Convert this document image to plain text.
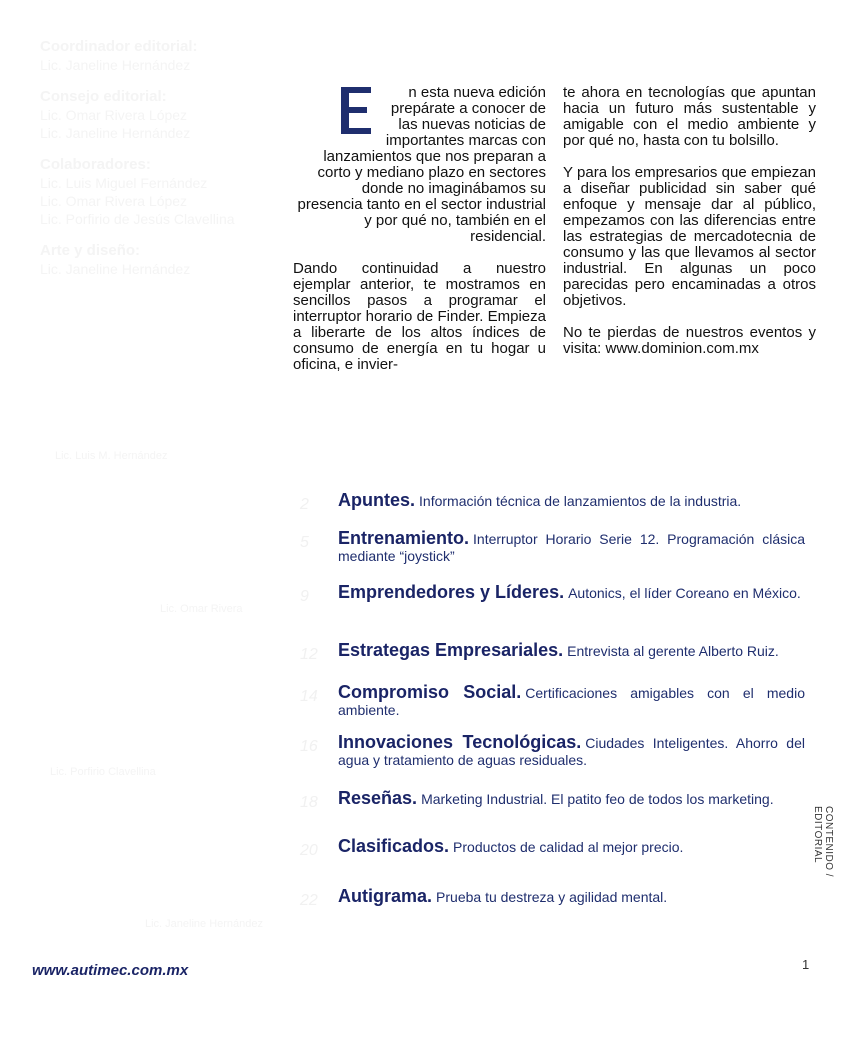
Coordinador editorial:
Lic. Janeline Hernández
Consejo editorial:
Lic. Omar Rivera López
Lic. Janeline Hernández
Colaboradores:
Lic. Luis Miguel Fernández
Lic. Omar Rivera López
Lic. Porfirio de Jesús Clavellina
Arte y diseño:
Lic. Janeline Hernández
Lic. Luis M. Hernández
Lic. Omar Rivera
Lic. Porfirio Clavellina
Lic. Janeline Hernández

n esta nueva edición prepárate a conocer de las nuevas noticias de importantes marcas con lanzamientos que nos preparan a corto y mediano plazo en sectores donde no imaginábamos su presencia tanto en el sector industrial y por qué no, también en el residencial.

Dando continuidad a nuestro ejemplar anterior, te mostramos en sencillos pasos a programar el interruptor horario de Finder. Empieza a liberarte de los altos índices de consumo de energía en tu hogar u oficina, e invier-

te ahora en tecnologías que apuntan hacia un futuro más sustentable y amigable con el medio ambiente y por qué no, hasta con tu bolsillo.

Y para los empresarios que empiezan a diseñar publicidad sin saber qué enfoque y mensaje dar al público, empezamos con las diferencias entre las estrategias de mercadotecnia de consumo y las que llevamos al sector industrial. En algunas un poco parecidas pero encaminadas a otros objetivos.

No te pierdas de nuestros eventos y visita: www.dominion.com.mx

2	Apuntes. Información técnica de lanzamientos de la industria.
5	Entrenamiento. Interruptor Horario Serie 12. Programación clásica mediante “joystick”
9	Emprendedores y Líderes. Autonics, el líder Coreano en México.
12	Estrategas Empresariales. Entrevista al gerente Alberto Ruiz.
14	Compromiso Social. Certificaciones amigables con el medio ambiente.
16	Innovaciones Tecnológicas. Ciudades Inteligentes. Ahorro del agua y tratamiento de aguas residuales.
18	Reseñas. Marketing Industrial. El patito feo de todos los marketing.
20	Clasificados. Productos de calidad al mejor precio.
22	Autigrama. Prueba tu destreza y agilidad mental.
CONTENIDO / EDITORIAL
1
www.autimec.com.mx
